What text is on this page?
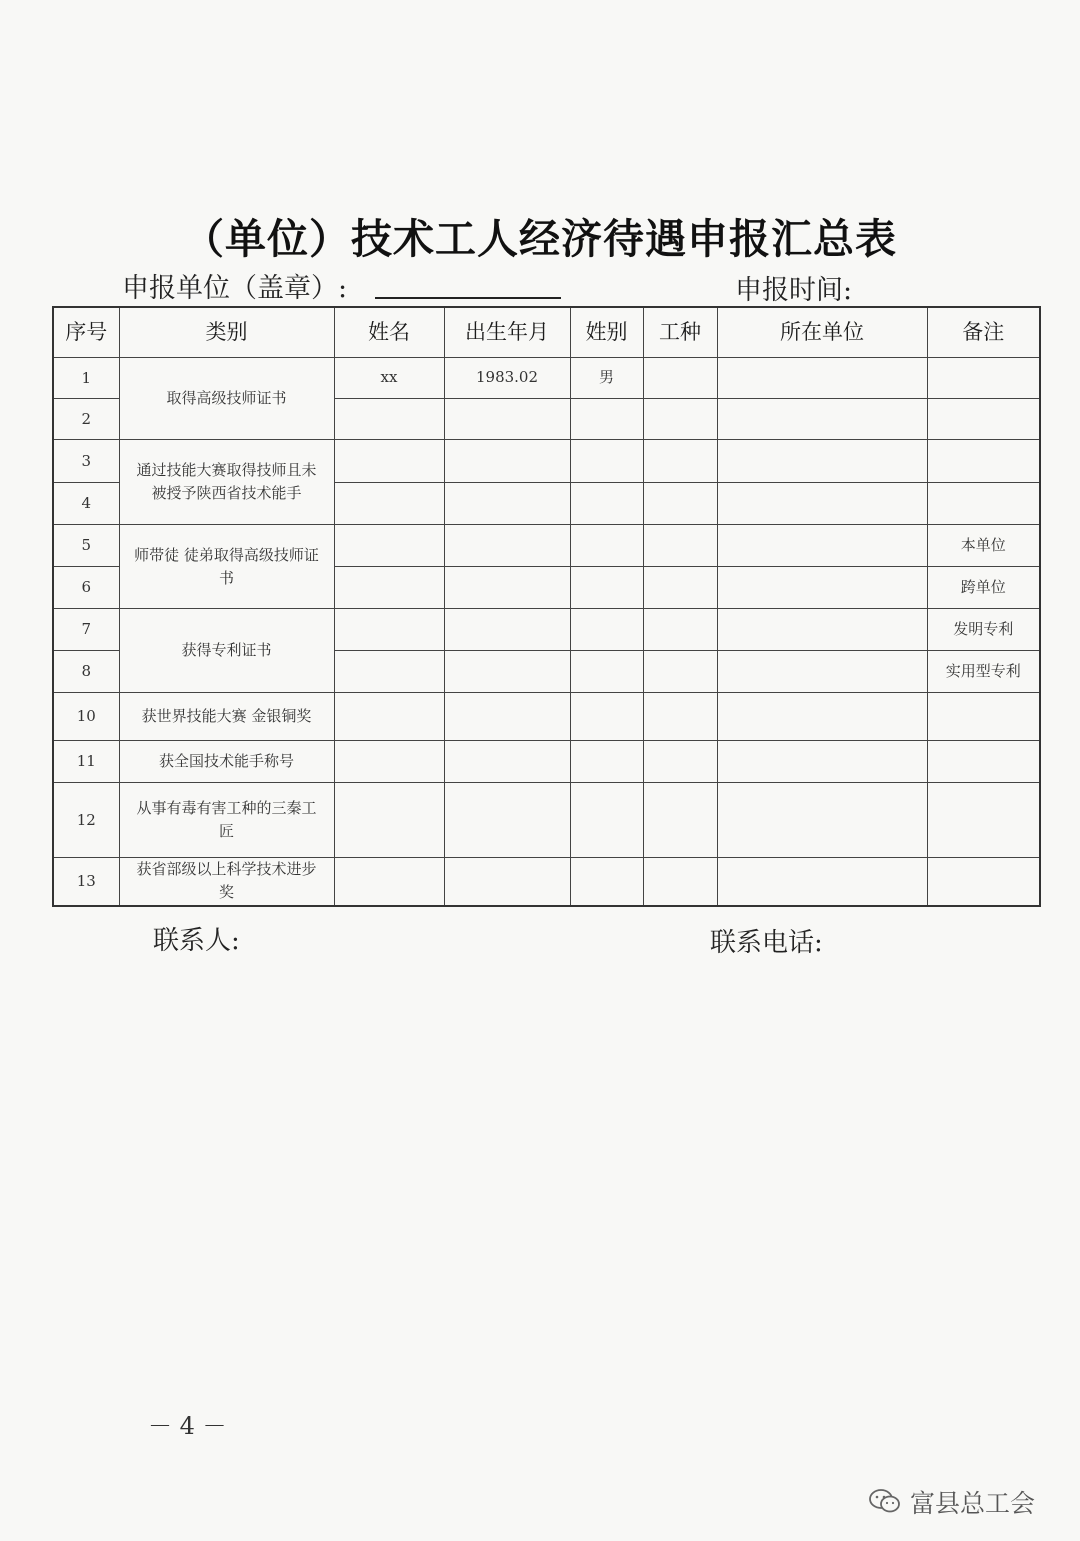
（单位）技术工人经济待遇申报汇总表
申报单位（盖章）:	申报时间:
序号	类别	姓名	出生年月	姓别	工种	所在单位	备注
1	取得高级技师证书	xx	1983.02	男			
2							
3	通过技能大赛取得技师且未被授予陕西省技术能手						
4							
5	师带徒 徒弟取得高级技师证书						本单位
6							跨单位
7	获得专利证书						发明专利
8							实用型专利
10	获世界技能大赛 金银铜奖						
11	获全国技术能手称号						
12	从事有毒有害工种的三秦工匠						
13	获省部级以上科学技术进步奖						
联系人:	联系电话:
－ 4 －
富县总工会
